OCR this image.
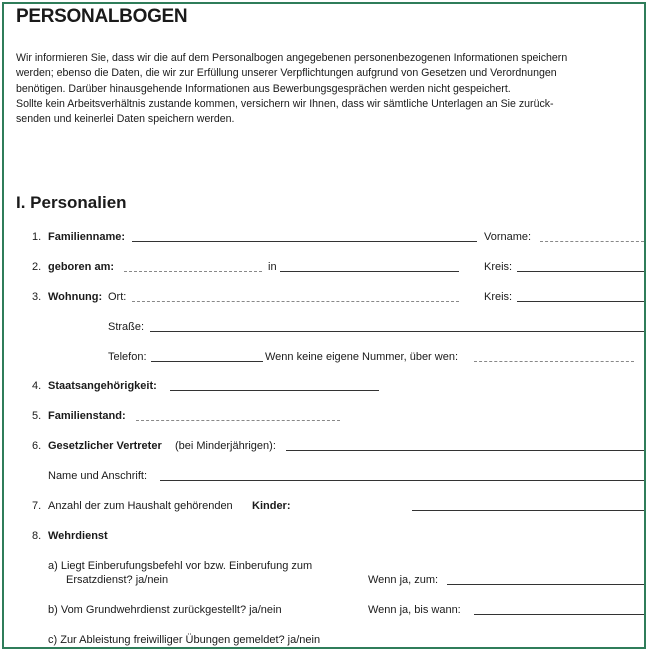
PERSONALBOGEN
Wir informieren Sie, dass wir die auf dem Personalbogen angegebenen personenbezogenen Informationen speichern
werden; ebenso die Daten, die wir zur Erfüllung unserer Verpflichtungen aufgrund von Gesetzen und Verordnungen
benötigen. Darüber hinausgehende Informationen aus Bewerbungsgesprächen werden nicht gespeichert.
Sollte kein Arbeitsverhältnis zustande kommen, versichern wir Ihnen, dass wir sämtliche Unterlagen an Sie zurück-
senden und keinerlei Daten speichern werden.
I. Personalien
1. Familienname:	Vorname:
2. geboren am:	in	Kreis:
3. Wohnung: Ort:	Kreis:
Straße:
Telefon:	Wenn keine eigene Nummer, über wen:
4. Staatsangehörigkeit:
5. Familienstand:
6. Gesetzlicher Vertreter (bei Minderjährigen):
Name und Anschrift:
7. Anzahl der zum Haushalt gehörenden Kinder:
8. Wehrdienst
a) Liegt Einberufungsbefehl vor bzw. Einberufung zum
Ersatzdienst? ja/nein	Wenn ja, zum:
b) Vom Grundwehrdienst zurückgestellt? ja/nein	Wenn ja, bis wann:
c) Zur Ableistung freiwilliger Übungen gemeldet? ja/nein
